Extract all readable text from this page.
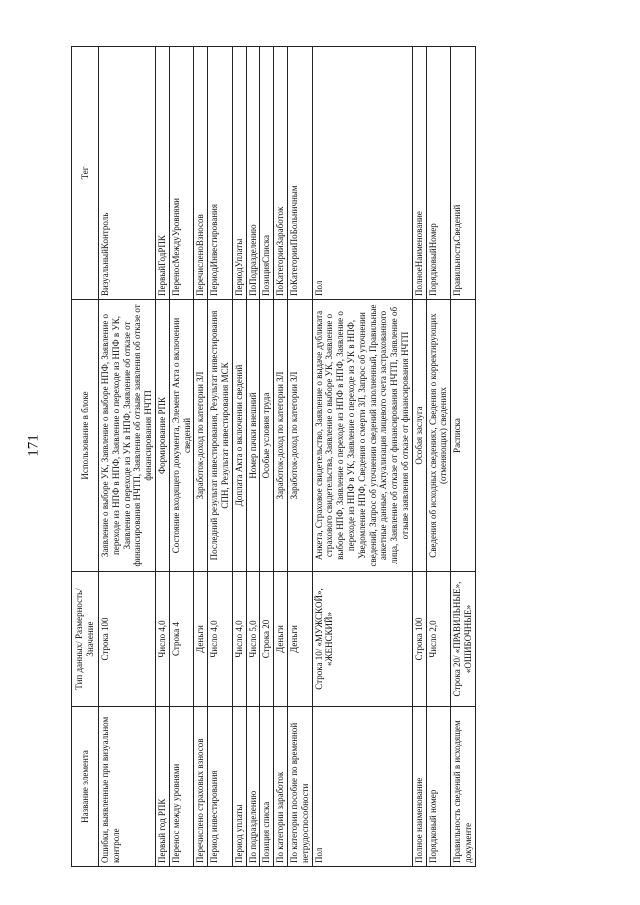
171
Название элемента	Тип данных/ Размерность/ Значение	Использование в блоке	Тег
Ошибки, выявленные при визуальном контроле	Строка 100	Заявление о выборе УК, Заявление о выборе НПФ, Заявление о переходе из НПФ в НПФ, Заявление о переходе из НПФ в УК, Заявление о переходе из УК в НПФ, Заявление об отказе от финансирования НЧТП, Заявление об отзыве заявления об отказе от финансирования НЧТП	ВизуальныйКонтроль
Первый год РПК	Число 4,0	Формирование РПК	ПервыйГодРПК
Перенос между уровнями	Строка 4	Состояние входящего документа, Элемент Акта о включении сведений	ПереносМеждуУровнями
Перечислено страховых взносов	Деньги	Заработок-доход по категории ЗЛ	ПеречисленоВзносов
Период инвестирования	Число 4,0	Последний результат инвестирования, Результат инвестирования СПН, Результат инвестирования МСК	ПериодИнвестирования
Период уплаты	Число 4,0	Доплата Акта о включении сведений	ПериодУплаты
По подразделению	Число 5,0	Номер пачки внешний	ПоПодразделению
Позиция списка	Строка 20	Особые условия труда	ПозицияСписка
По категории заработок	Деньги	Заработок-доход по категории ЗЛ	ПоКатегорииЗаработок
По категории пособие по временной нетрудоспособности	Деньги	Заработок-доход по категории ЗЛ	ПоКатегорииПоБольничным
Пол	Строка 10/ «МУЖСКОЙ», «ЖЕНСКИЙ»	Анкета, Страховое свидетельство, Заявление о выдаче дубликата страхового свидетельства, Заявление о выборе УК, Заявление о выборе НПФ, Заявление о переходе из НПФ в НПФ, Заявление о переходе из НПФ в УК, Заявление о переходе из УК в НПФ, Уведомление НПФ, Сведения о смерти ЗЛ, Запрос об уточнении сведений, Запрос об уточнении сведений заполненный, Правильные анкетные данные, Актуализация лицевого счета застрахованного лица, Заявление об отказе от финансирования НЧТП, Заявление об отзыве заявления об отказе от финансирования НЧТП	Пол
Полное наименование	Строка 100	Особая заслуга	ПолноеНаименование
Порядковый номер	Число 2,0	Сведения об исходных сведениях, Сведения о корректирующих (отменяющих) сведениях	ПорядковыйНомер
Правильность сведений в исходящем документе	Строка 20/ «ПРАВИЛЬНЫЕ», «ОШИБОЧНЫЕ»	Расписка	ПравильностьСведений
